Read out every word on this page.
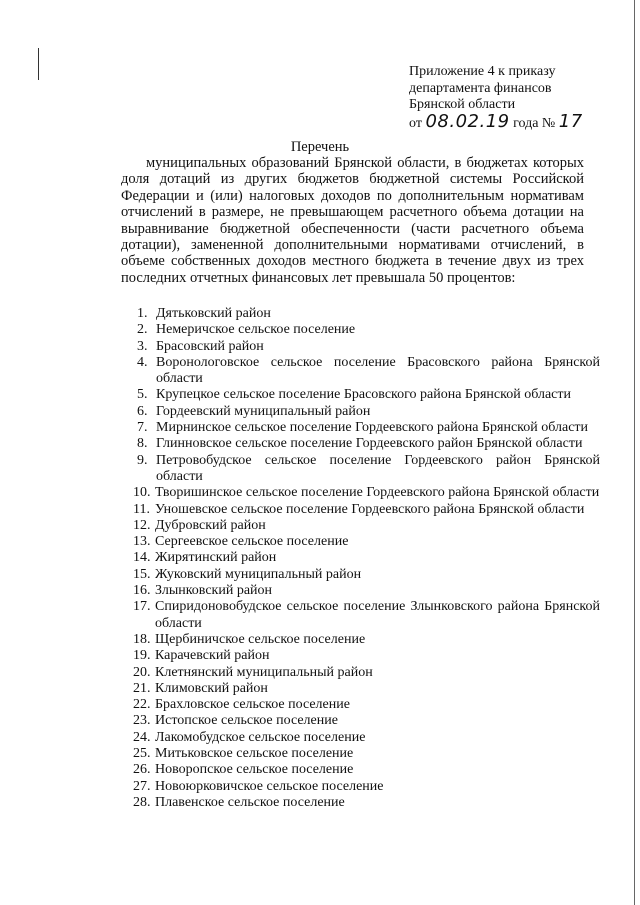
Приложение 4 к приказу
департамента финансов
Брянской области
от 08.02.19 года № 17
Перечень
муниципальных образований Брянской области, в бюджетах которых доля дотаций из других бюджетов бюджетной системы Российской Федерации и (или) налоговых доходов по дополнительным нормативам отчислений в размере, не превышающем расчетного объема дотации на выравнивание бюджетной обеспеченности (части расчетного объема дотации), замененной дополнительными нормативами отчислений, в объеме собственных доходов местного бюджета в течение двух из трех последних отчетных финансовых лет превышала 50 процентов:
1. Дятьковский район
2. Немеричское сельское поселение
3. Брасовский район
4. Воронологовское сельское поселение Брасовского района Брянской области
5. Крупецкое сельское поселение Брасовского района Брянской области
6. Гордеевский муниципальный район
7. Мирнинское сельское поселение Гордеевского района Брянской области
8. Глинновское сельское поселение Гордеевского район Брянской области
9. Петровобудское сельское поселение Гордеевского район Брянской области
10. Творишинское сельское поселение Гордеевского района Брянской области
11. Уношевское сельское поселение Гордеевского района Брянской области
12. Дубровский район
13. Сергеевское сельское поселение
14. Жирятинский район
15. Жуковский муниципальный район
16. Злынковский район
17. Спиридоновобудское сельское поселение Злынковского района Брянской области
18. Щербиничское сельское поселение
19. Карачевский район
20. Клетнянский муниципальный район
21. Климовский район
22. Брахловское сельское поселение
23. Истопское сельское поселение
24. Лакомобудское сельское поселение
25. Митьковское сельское поселение
26. Новоропское сельское поселение
27. Новоюрковичское сельское поселение
28. Плавенское сельское поселение
